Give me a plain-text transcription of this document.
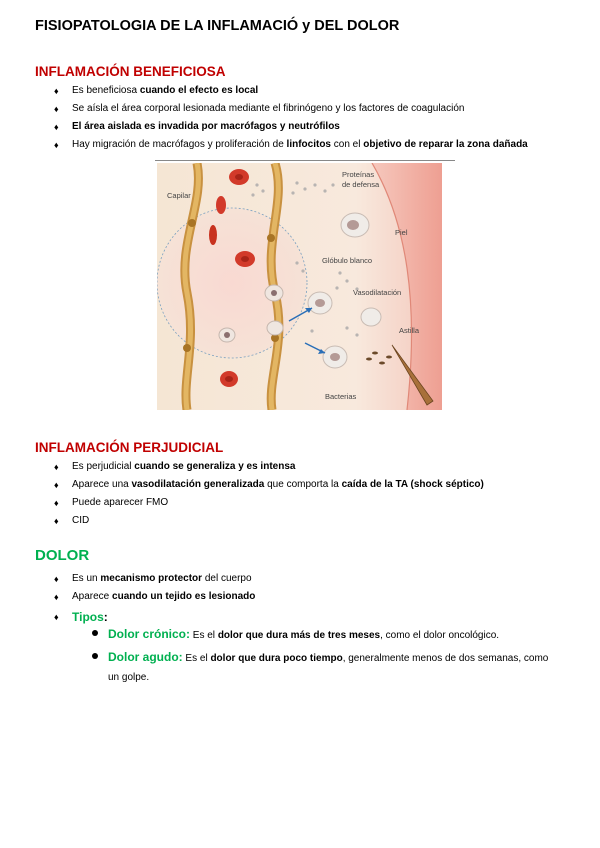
FISIOPATOLOGIA DE LA INFLAMACIÓ y DEL DOLOR
INFLAMACIÓN BENEFICIOSA
♦ Es beneficiosa cuando el efecto es local
♦ Se aísla el área corporal lesionada mediante el fibrinógeno y los factores de coagulación
♦ El área aislada es invadida por macrófagos y neutrófilos
♦ Hay migración de macrófagos y proliferación de linfocitos con el objetivo de reparar la zona dañada
Capilar
Proteínas
de defensa
Piel
Glóbulo blanco
Vasodilatación
Astilla
Bacterias
INFLAMACIÓN PERJUDICIAL
♦ Es perjudicial cuando se generaliza y es intensa
♦ Aparece una vasodilatación generalizada que comporta la caída de la TA (shock séptico)
♦ Puede aparecer FMO
♦ CID
DOLOR
♦ Es un mecanismo protector del cuerpo
♦ Aparece cuando un tejido es lesionado
♦ Tipos:
Dolor crónico: Es el dolor que dura más de tres meses, como el dolor oncológico.
Dolor agudo: Es el dolor que dura poco tiempo, generalmente menos de dos semanas, como un golpe.
